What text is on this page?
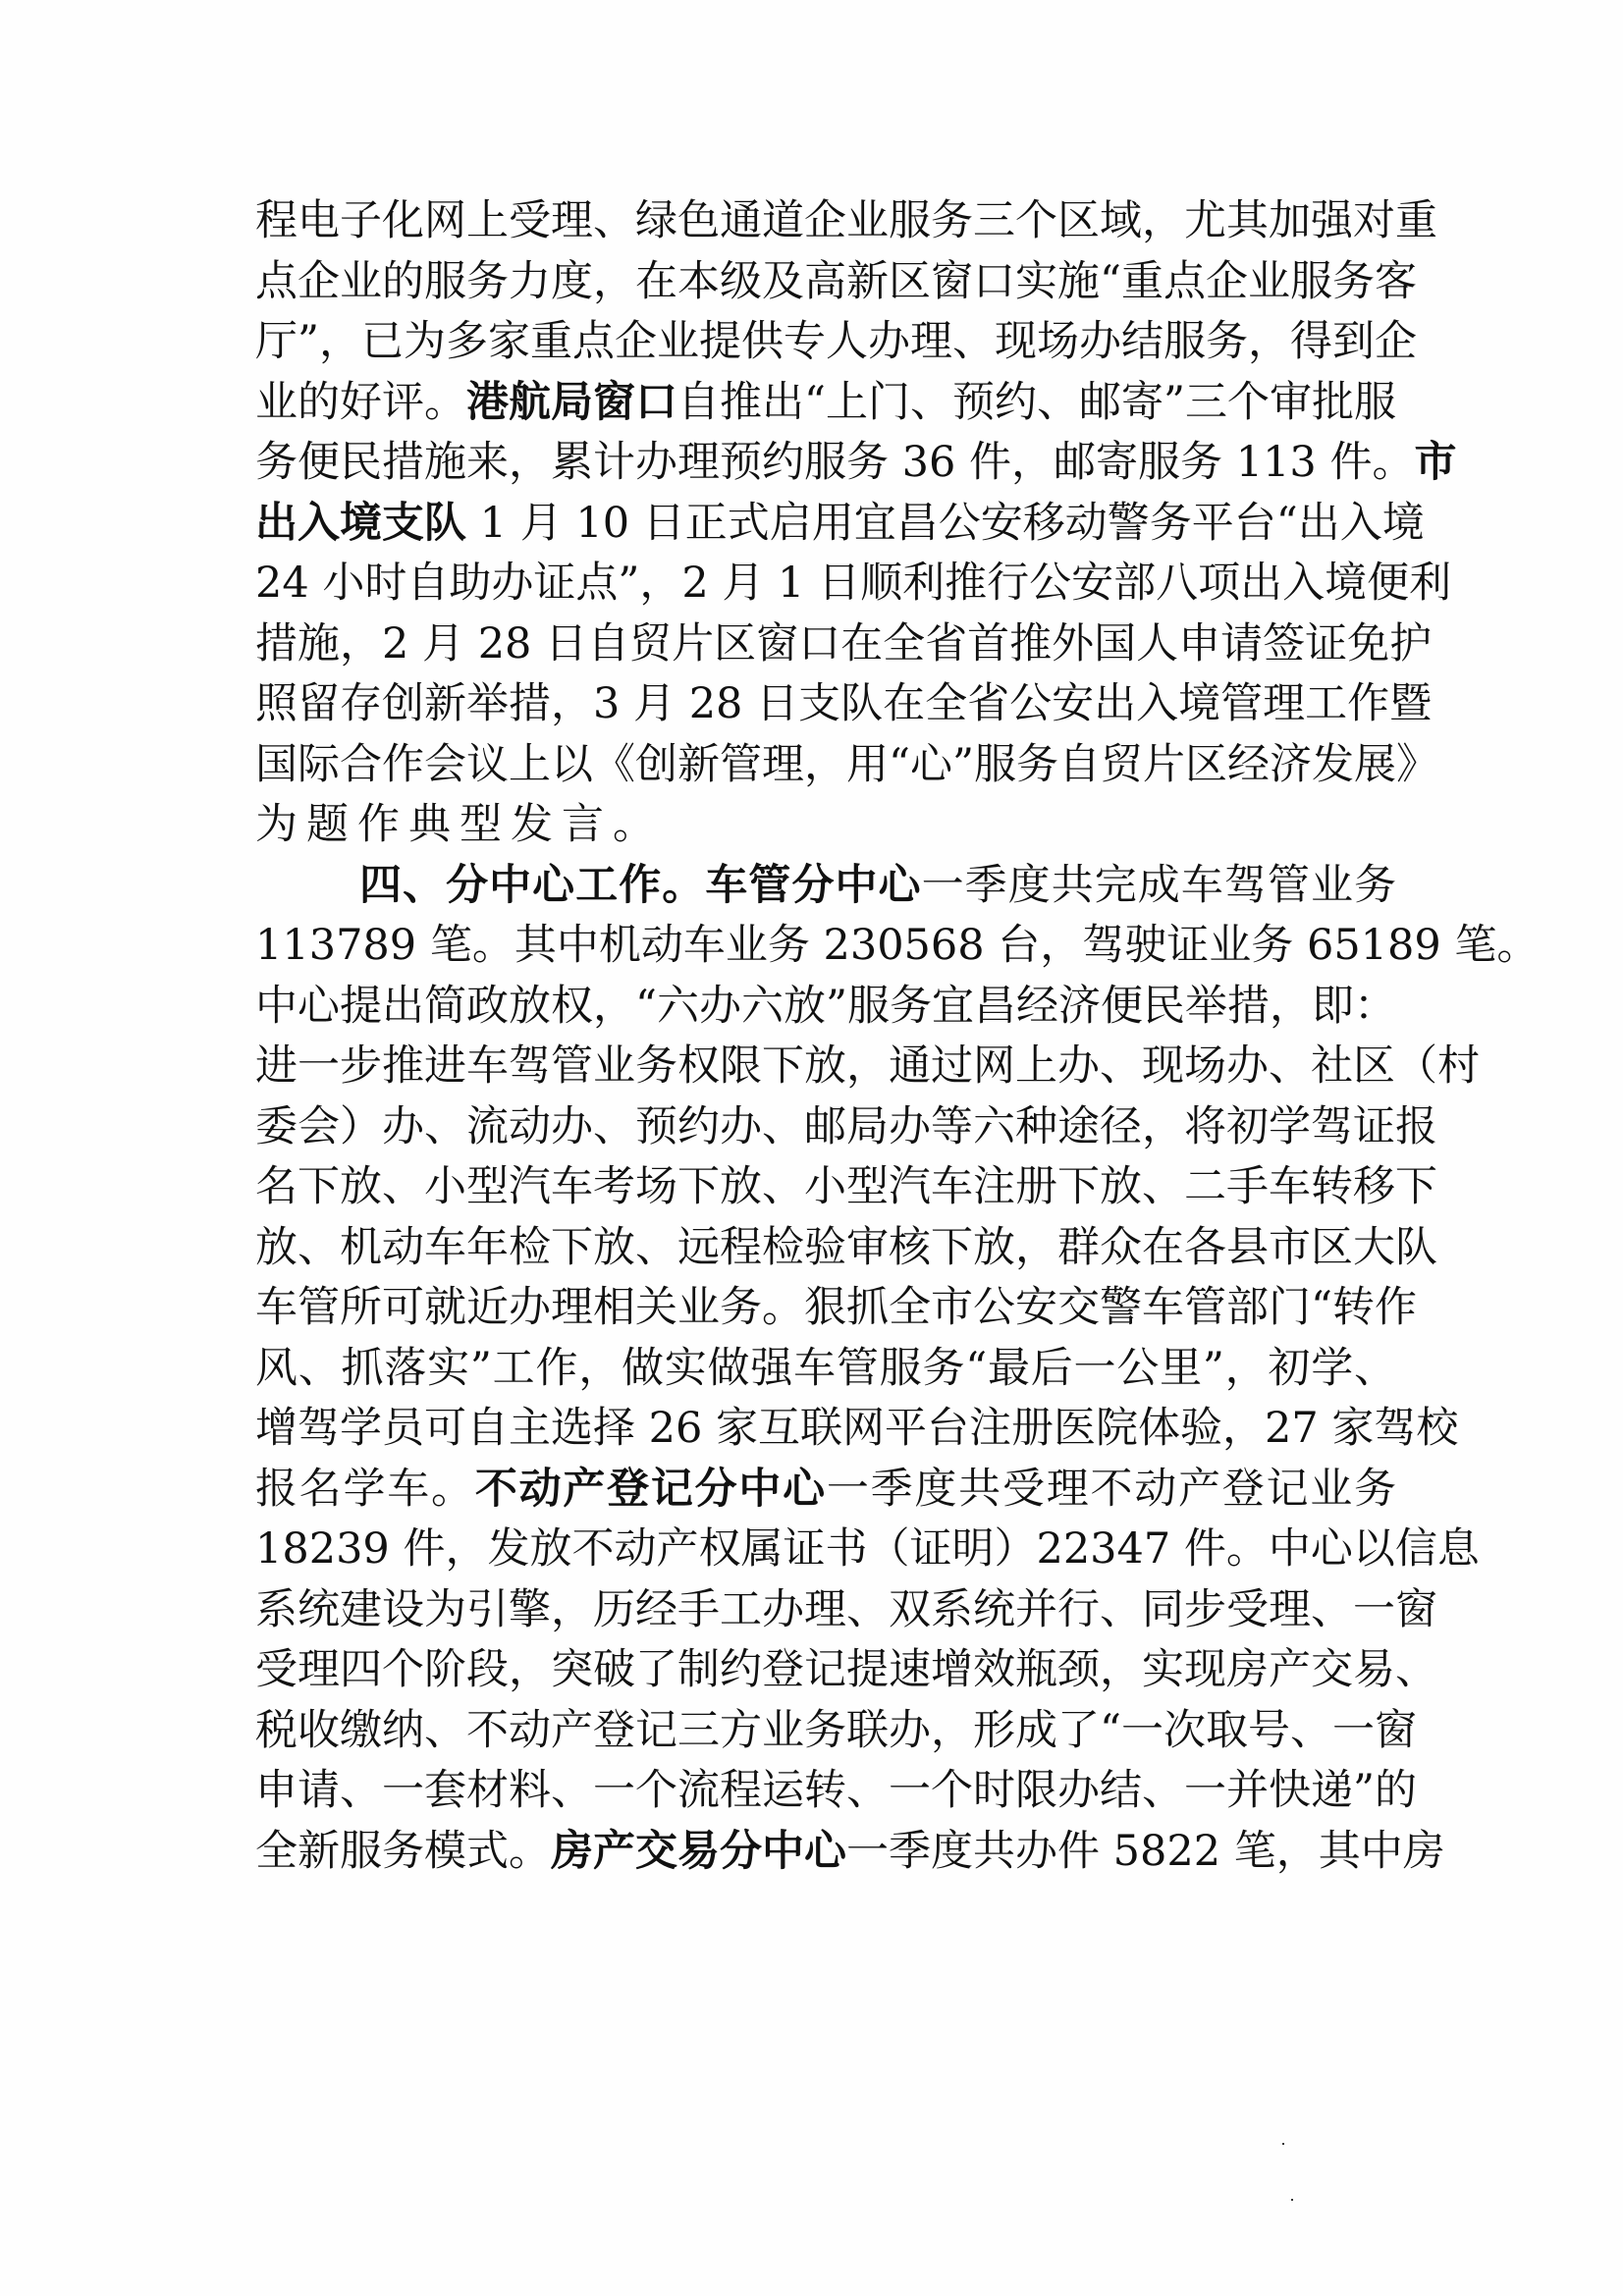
程电子化网上受理、绿色通道企业服务三个区域，尤其加强对重
点企业的服务力度，在本级及高新区窗口实施“重点企业服务客
厅”，已为多家重点企业提供专人办理、现场办结服务，得到企
业的好评。港航局窗口自推出“上门、预约、邮寄”三个审批服
务便民措施来，累计办理预约服务 36 件，邮寄服务 113 件。市
出入境支队 1 月 10 日正式启用宜昌公安移动警务平台“出入境
24 小时自助办证点”，2 月 1 日顺利推行公安部八项出入境便利
措施，2 月 28 日自贸片区窗口在全省首推外国人申请签证免护
照留存创新举措，3 月 28 日支队在全省公安出入境管理工作暨
国际合作会议上以《创新管理，用“心”服务自贸片区经济发展》
为题作典型发言。
四、分中心工作。车管分中心一季度共完成车驾管业务
113789 笔。其中机动车业务 230568 台，驾驶证业务 65189 笔。
中心提出简政放权，“六办六放”服务宜昌经济便民举措，即：
进一步推进车驾管业务权限下放，通过网上办、现场办、社区（村
委会）办、流动办、预约办、邮局办等六种途径，将初学驾证报
名下放、小型汽车考场下放、小型汽车注册下放、二手车转移下
放、机动车年检下放、远程检验审核下放，群众在各县市区大队
车管所可就近办理相关业务。狠抓全市公安交警车管部门“转作
风、抓落实”工作，做实做强车管服务“最后一公里”，初学、
增驾学员可自主选择 26 家互联网平台注册医院体验，27 家驾校
报名学车。不动产登记分中心一季度共受理不动产登记业务
18239 件，发放不动产权属证书（证明）22347 件。中心以信息
系统建设为引擎，历经手工办理、双系统并行、同步受理、一窗
受理四个阶段，突破了制约登记提速增效瓶颈，实现房产交易、
税收缴纳、不动产登记三方业务联办，形成了“一次取号、一窗
申请、一套材料、一个流程运转、一个时限办结、一并快递”的
全新服务模式。房产交易分中心一季度共办件 5822 笔，其中房
